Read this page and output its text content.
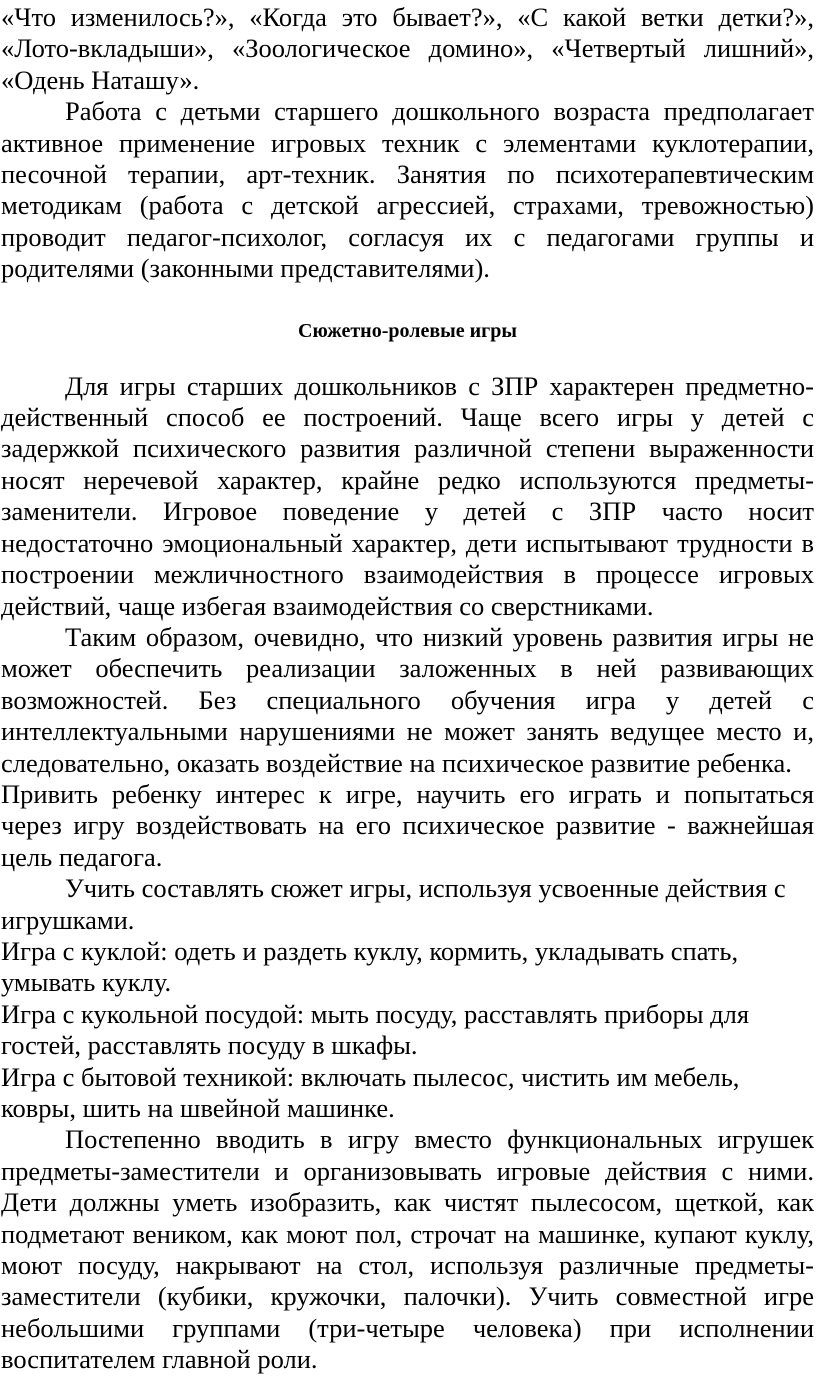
«Что изменилось?», «Когда это бывает?», «С какой ветки детки?», «Лото-вкладыши», «Зоологическое домино», «Четвертый лишний», «Одень Наташу».

Работа с детьми старшего дошкольного возраста предполагает активное применение игровых техник с элементами куклотерапии, песочной терапии, арт-техник. Занятия по психотерапевтическим методикам (работа с детской агрессией, страхами, тревожностью) проводит педагог-психолог, согласуя их с педагогами группы и родителями (законными представителями).

Сюжетно-ролевые игры

Для игры старших дошкольников с ЗПР характерен предметно-действенный способ ее построений. Чаще всего игры у детей с задержкой психического развития различной степени выраженности носят неречевой характер, крайне редко используются предметы-заменители. Игровое поведение у детей с ЗПР часто носит недостаточно эмоциональный характер, дети испытывают трудности в построении межличностного взаимодействия в процессе игровых действий, чаще избегая взаимодействия со сверстниками.

Таким образом, очевидно, что низкий уровень развития игры не может обеспечить реализации заложенных в ней развивающих возможностей. Без специального обучения игра у детей с интеллектуальными нарушениями не может занять ведущее место и, следовательно, оказать воздействие на психическое развитие ребенка.

Привить ребенку интерес к игре, научить его играть и попытаться через игру воздействовать на его психическое развитие - важнейшая цель педагога.

Учить составлять сюжет игры, используя усвоенные действия с игрушками.

Игра с куклой: одеть и раздеть куклу, кормить, укладывать спать, умывать куклу.

Игра с кукольной посудой: мыть посуду, расставлять приборы для гостей, расставлять посуду в шкафы.

Игра с бытовой техникой: включать пылесос, чистить им мебель, ковры, шить на швейной машинке.

Постепенно вводить в игру вместо функциональных игрушек предметы-заместители и организовывать игровые действия с ними. Дети должны уметь изобразить, как чистят пылесосом, щеткой, как подметают веником, как моют пол, строчат на машинке, купают куклу, моют посуду, накрывают на стол, используя различные предметы-заместители (кубики, кружочки, палочки). Учить совместной игре небольшими группами (три-четыре человека) при исполнении воспитателем главной роли.
